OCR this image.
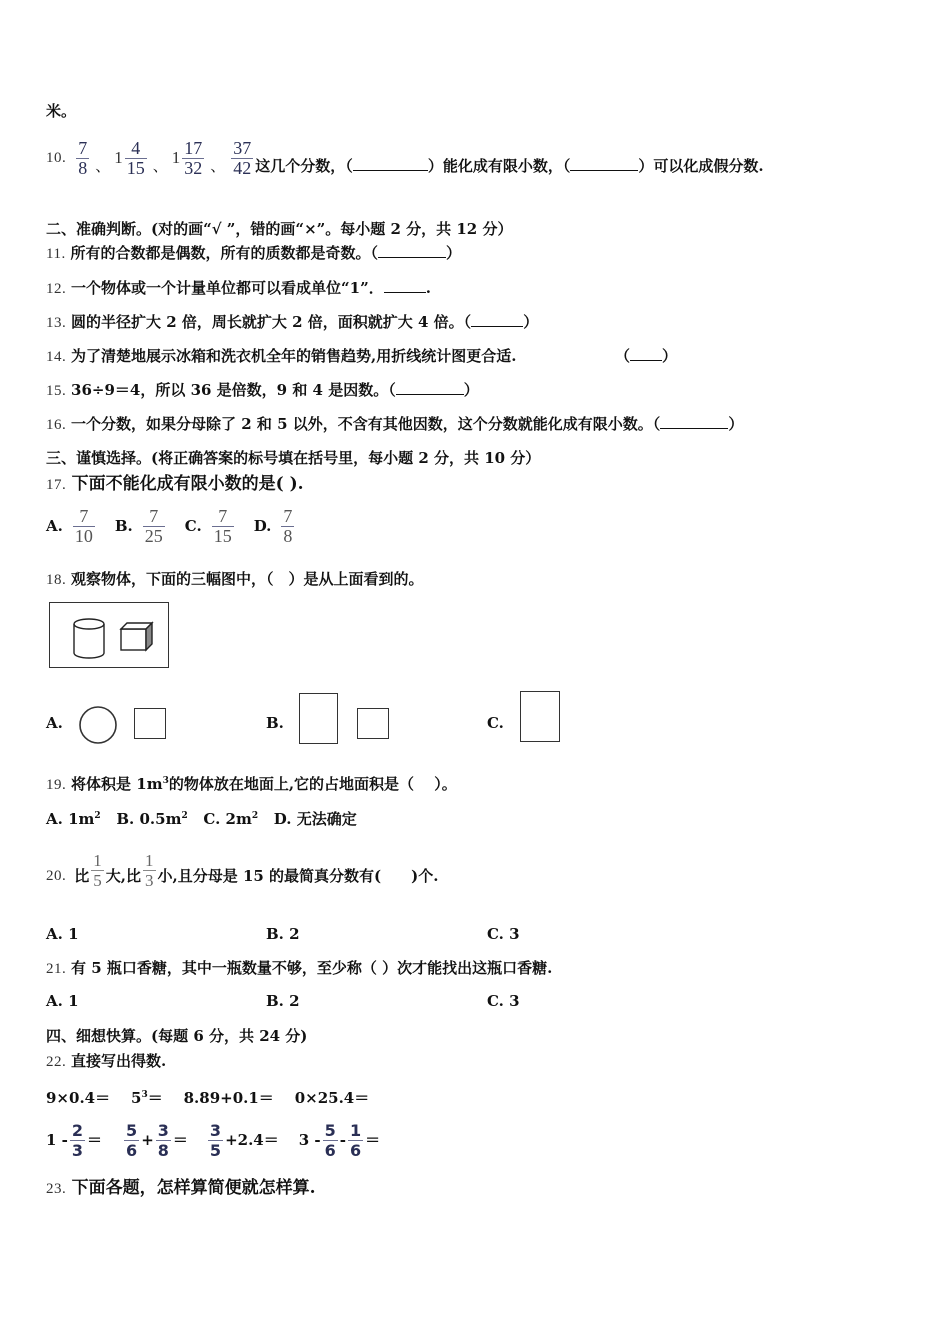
米。
10. $\frac{7}{8}$ 、 $1 \frac{4}{15}$ 、 $1 \frac{17}{32}$ 、 $\frac{37}{42}$ 这几个分数，（	）能化成有限小数，（	）可以化成假分数.
二、准确判断。(对的画“√ ”，错的画“×”。每小题 2 分，共 12 分）
11. 所有的合数都是偶数，所有的质数都是奇数。（	）
12. 一个物体或一个计量单位都可以看成单位“1”．	.
13. 圆的半径扩大 2 倍，周长就扩大 2 倍，面积就扩大 4 倍。（	）
14. 为了清楚地展示冰箱和洗衣机全年的销售趋势,用折线统计图更合适.	（ ）
15. 36÷9＝4，所以 36 是倍数，9 和 4 是因数。（	）
16. 一个分数，如果分母除了 2 和 5 以外，不含有其他因数，这个分数就能化成有限小数。（	）
三、谨慎选择。(将正确答案的标号填在括号里，每小题 2 分，共 10 分）
17. 下面不能化成有限小数的是( ).
A. $\frac{7}{10} B$. $\frac{7}{25} C$. $\frac{7}{15} D$. $\frac{7}{8}$
18. 观察物体，下面的三幅图中，（　）是从上面看到的。
A.	B.	C.
19. 将体积是 $1m^3$的物体放在地面上,它的占地面积是（　 ）。
A. $1m^2$ B. $0.5m^2$ C. $2m^2$ D. 无法确定
20. 比 $\frac{1}{5}$ 大,比 $\frac{1}{3}$ 小,且分母是 15 的最简真分数有(　　)个.
A. 1	B. 2	C. 3
21. 有 5 瓶口香糖，其中一瓶数量不够，至少称（ ）次才能找出这瓶口香糖.
A. 1	B. 2	C. 3
四、细想快算。(每题 6 分，共 24 分)
22. 直接写出得数.
$9\times 0.4= 5^3= 8.89+0.1= 0\times 25.4=$
$1 - \frac{2}{3} = \frac{5}{6} + \frac{3}{8} = \frac{3}{5} +2.4= 3 - \frac{5}{6} - \frac{1}{6}$ ＝
23. 下面各题，怎样算简便就怎样算.
